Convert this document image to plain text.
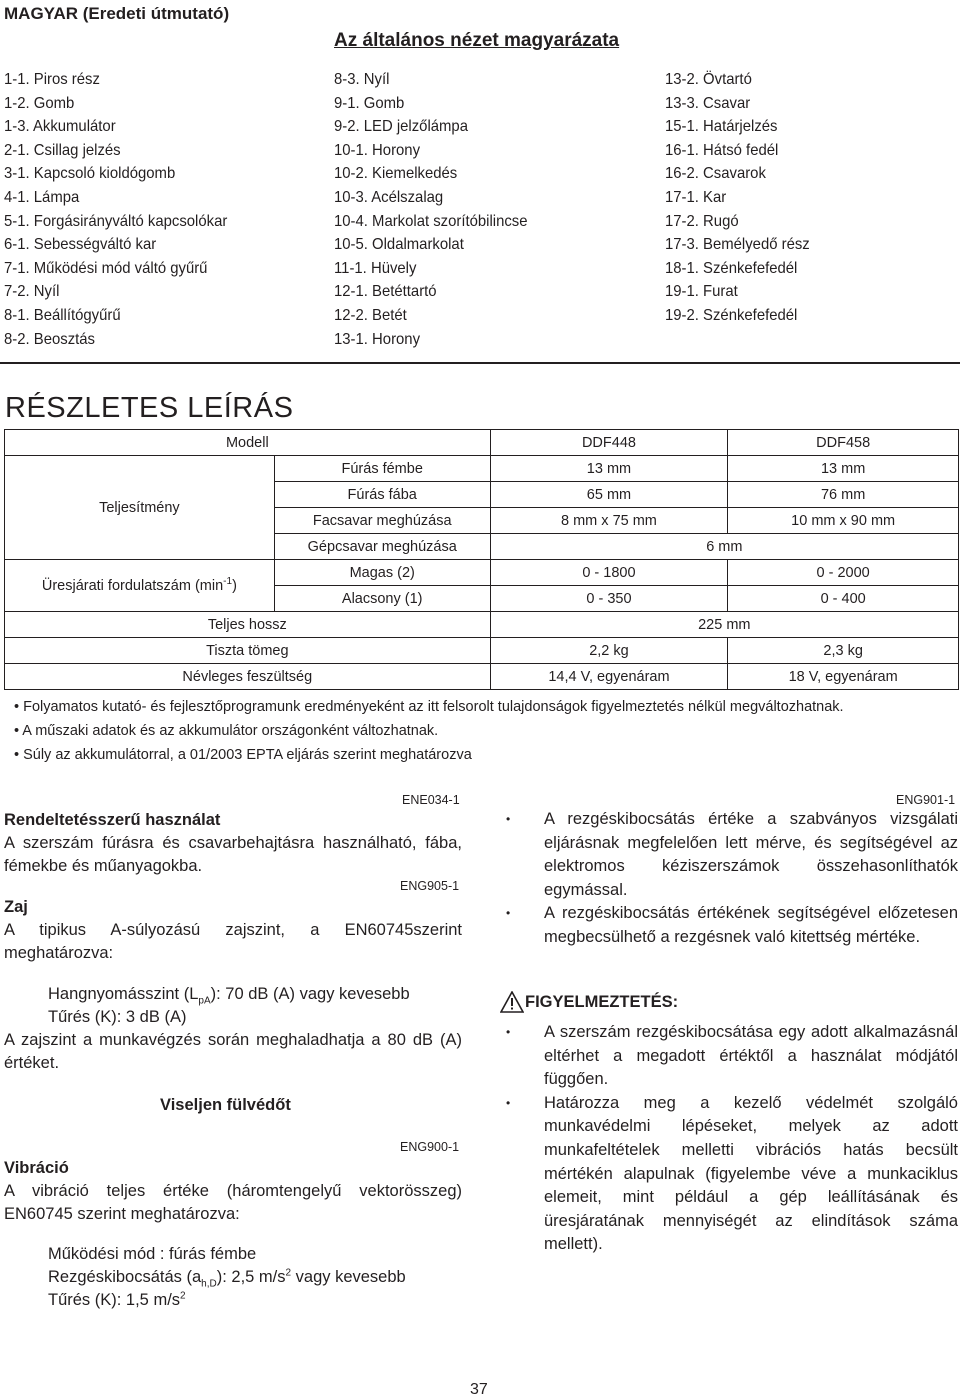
MAGYAR (Eredeti útmutató)
Az általános nézet magyarázata
1-1. Piros rész
1-2. Gomb
1-3. Akkumulátor
2-1. Csillag jelzés
3-1. Kapcsoló kioldógomb
4-1. Lámpa
5-1. Forgásirányváltó kapcsolókar
6-1. Sebességváltó kar
7-1. Működési mód váltó gyűrű
7-2. Nyíl
8-1. Beállítógyűrű
8-2. Beosztás
8-3. Nyíl
9-1. Gomb
9-2. LED jelzőlámpa
10-1. Horony
10-2. Kiemelkedés
10-3. Acélszalag
10-4. Markolat szorítóbilincse
10-5. Oldalmarkolat
11-1. Hüvely
12-1. Betéttartó
12-2. Betét
13-1. Horony
13-2. Övtartó
13-3. Csavar
15-1. Határjelzés
16-1. Hátsó fedél
16-2. Csavarok
17-1. Kar
17-2. Rugó
17-3. Bemélyedő rész
18-1. Szénkefefedél
19-1. Furat
19-2. Szénkefefedél
RÉSZLETES LEÍRÁS
Modell		DDF448	DDF458
Teljesítmény	Fúrás fémbe	13 mm	13 mm
	Fúrás fába	65 mm	76 mm
	Facsavar meghúzása	8 mm x 75 mm	10 mm x 90 mm
	Gépcsavar meghúzása	6 mm	
Üresjárati fordulatszám $(\min^{-1})$	Magas (2)	0 - 1800	0 - 2000
	Alacsony (1)	0 - 350	0 - 400
Teljes hossz		225 mm	
Tiszta tömeg		2,2 kg	2,3 kg
Névleges feszültség		14,4 V, egyenáram	18 V, egyenáram
• Folyamatos kutató- és fejlesztőprogramunk eredményeként az itt felsorolt tulajdonságok figyelmeztetés nélkül megváltozhatnak.
• A műszaki adatok és az akkumulátor országonként változhatnak.
• Súly az akkumulátorral, a 01/2003 EPTA eljárás szerint meghatározva
ENE034-1
Rendeltetésszerű használat
A szerszám fúrásra és csavarbehajtásra használható, fába, fémekbe és műanyagokba.
ENG905-1
Zaj
A tipikus A-súlyozású zajszint, a EN60745szerint meghatározva:
Hangnyomásszint $(L_{pA})$: 70 dB (A) vagy kevesebb
Tűrés (K): 3 dB (A)
A zajszint a munkavégzés során meghaladhatja a 80 dB (A) értéket.
Viseljen fülvédőt
ENG900-1
Vibráció
A vibráció teljes értéke (háromtengelyű vektorösszeg) EN60745 szerint meghatározva:
Működési mód : fúrás fémbe
Rezgéskibocsátás $(a_{h,D})$: 2,5 $m/s^2$ vagy kevesebb
Tűrés (K): 1,5 $m/s^2$
ENG901-1
• A rezgéskibocsátás értéke a szabványos vizsgálati eljárásnak megfelelően lett mérve, és segítségével az elektromos kéziszerszámok összehasonlíthatók egymással.
• A rezgéskibocsátás értékének segítségével előzetesen megbecsülhető a rezgésnek való kitettség mértéke.
FIGYELMEZTETÉS:
• A szerszám rezgéskibocsátása egy adott alkalmazásnál eltérhet a megadott értéktől a használat módjától függően.
• Határozza meg a kezelő védelmét szolgáló munkavédelmi lépéseket, melyek az adott munkafeltételek melletti vibrációs hatás becsült mértékén alapulnak (figyelembe véve a munkaciklus elemeit, mint például a gép leállításának és üresjáratának mennyiségét az elindítások száma mellett).
37
